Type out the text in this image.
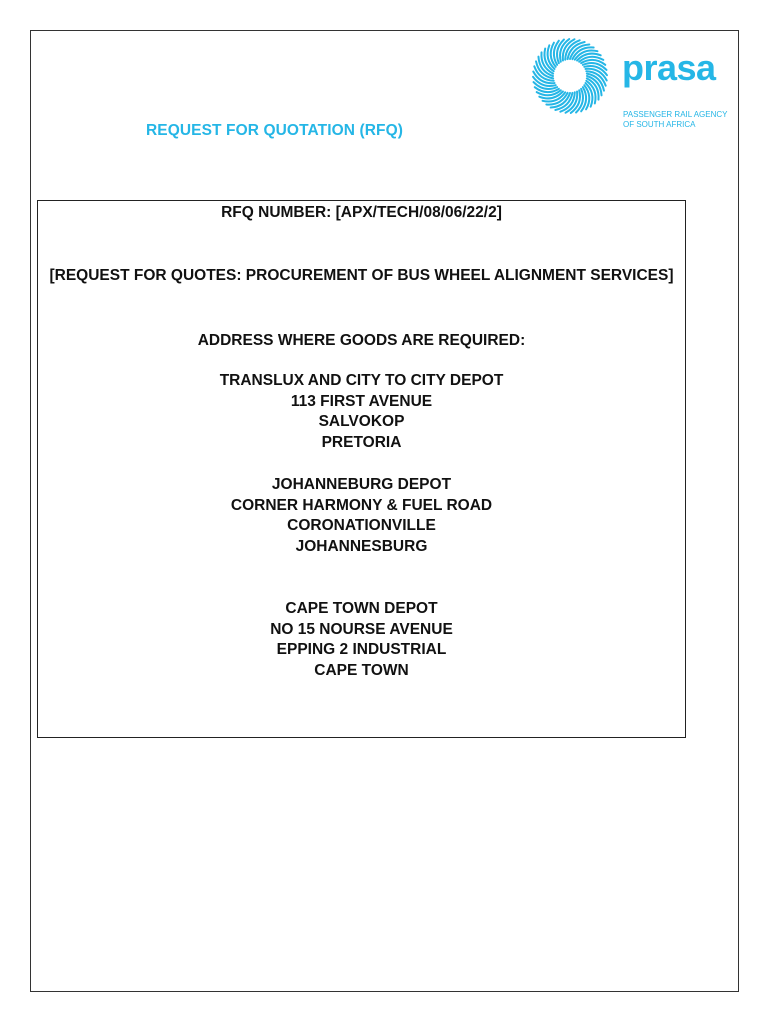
prasa
PASSENGER RAIL AGENCY
OF SOUTH AFRICA
REQUEST FOR QUOTATION (RFQ)

RFQ NUMBER: [APX/TECH/08/06/22/2]

[REQUEST FOR QUOTES: PROCUREMENT OF BUS WHEEL ALIGNMENT SERVICES]

ADDRESS WHERE GOODS ARE REQUIRED:

TRANSLUX AND CITY TO CITY DEPOT
113 FIRST AVENUE
SALVOKOP
PRETORIA
JOHANNEBURG DEPOT
CORNER HARMONY & FUEL ROAD
CORONATIONVILLE
JOHANNESBURG
CAPE TOWN DEPOT
NO 15 NOURSE AVENUE
EPPING 2 INDUSTRIAL
CAPE TOWN
